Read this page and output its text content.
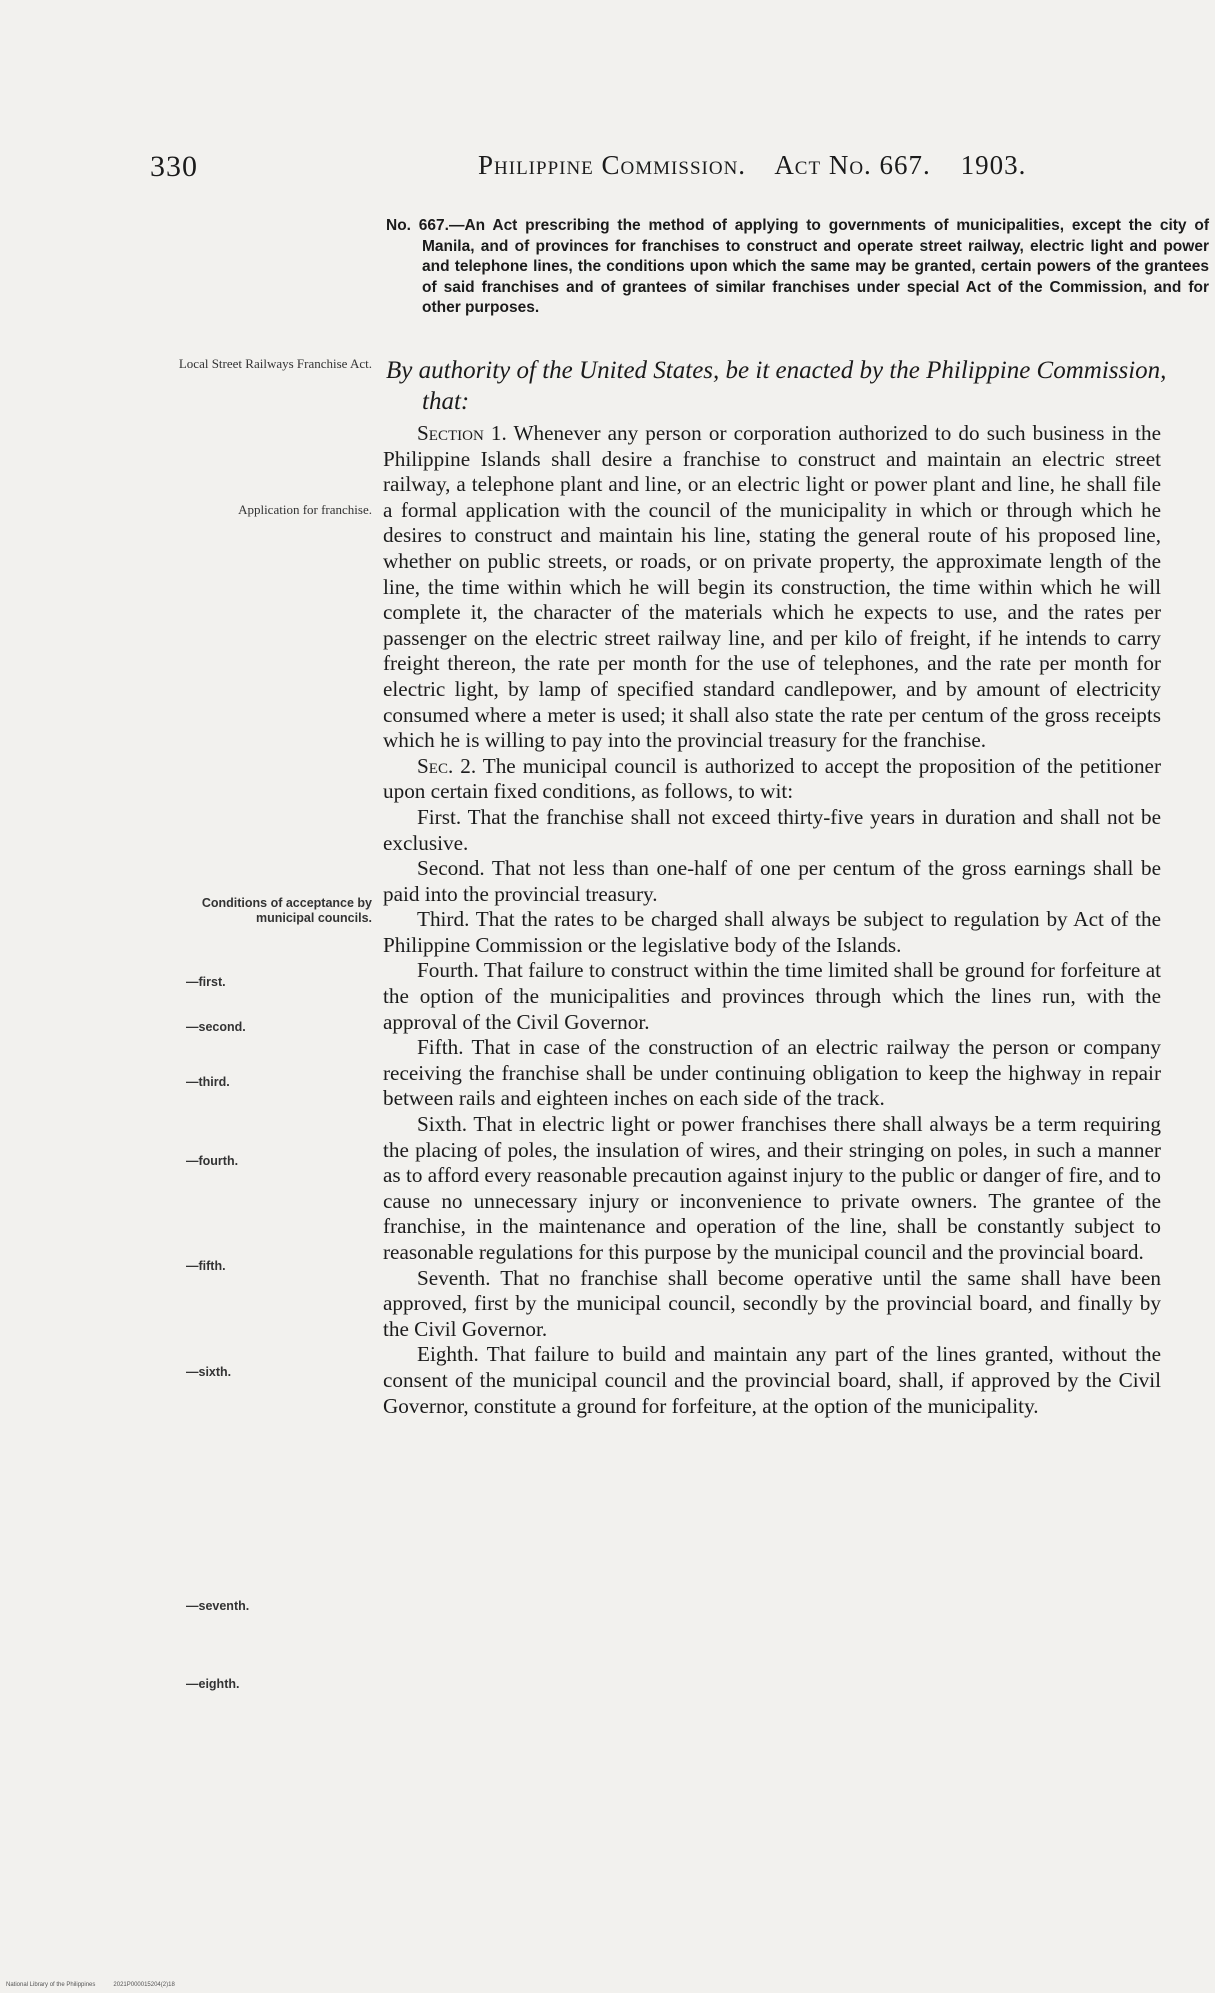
330	Philippine Commission. Act No. 667. 1903.
No. 667.—An Act prescribing the method of applying to governments of municipalities, except the city of Manila, and of provinces for franchises to construct and operate street railway, electric light and power and telephone lines, the conditions upon which the same may be granted, certain powers of the grantees of said franchises and of grantees of similar franchises under special Act of the Commission, and for other purposes.
Local Street Railways Franchise Act. By authority of the United States, be it enacted by the Philippine Commission, that:
Application for franchise.
Conditions of acceptance by municipal councils.
—first.
—second.
—third.
—fourth.
—fifth.
—sixth.
—seventh.
—eighth.

Section 1. Whenever any person or corporation authorized to do such business in the Philippine Islands shall desire a franchise to construct and maintain an electric street railway, a telephone plant and line, or an electric light or power plant and line, he shall file a formal application with the council of the municipality in which or through which he desires to construct and maintain his line, stating the general route of his proposed line, whether on public streets, or roads, or on private property, the approximate length of the line, the time within which he will begin its construction, the time within which he will complete it, the character of the materials which he expects to use, and the rates per passenger on the electric street railway line, and per kilo of freight, if he intends to carry freight thereon, the rate per month for the use of telephones, and the rate per month for electric light, by lamp of specified standard candlepower, and by amount of electricity consumed where a meter is used; it shall also state the rate per centum of the gross receipts which he is willing to pay into the provincial treasury for the franchise.

Sec. 2. The municipal council is authorized to accept the proposition of the petitioner upon certain fixed conditions, as follows, to wit:

First. That the franchise shall not exceed thirty-five years in duration and shall not be exclusive.

Second. That not less than one-half of one per centum of the gross earnings shall be paid into the provincial treasury.

Third. That the rates to be charged shall always be subject to regulation by Act of the Philippine Commission or the legislative body of the Islands.

Fourth. That failure to construct within the time limited shall be ground for forfeiture at the option of the municipalities and provinces through which the lines run, with the approval of the Civil Governor.

Fifth. That in case of the construction of an electric railway the person or company receiving the franchise shall be under continuing obligation to keep the highway in repair between rails and eighteen inches on each side of the track.

Sixth. That in electric light or power franchises there shall always be a term requiring the placing of poles, the insulation of wires, and their stringing on poles, in such a manner as to afford every reasonable precaution against injury to the public or danger of fire, and to cause no unnecessary injury or inconvenience to private owners. The grantee of the franchise, in the maintenance and operation of the line, shall be constantly subject to reasonable regulations for this purpose by the municipal council and the provincial board.

Seventh. That no franchise shall become operative until the same shall have been approved, first by the municipal council, secondly by the provincial board, and finally by the Civil Governor.

Eighth. That failure to build and maintain any part of the lines granted, without the consent of the municipal council and the provincial board, shall, if approved by the Civil Governor, constitute a ground for forfeiture, at the option of the municipality.

National Library of the Philippines	2021P000015204(2)18
